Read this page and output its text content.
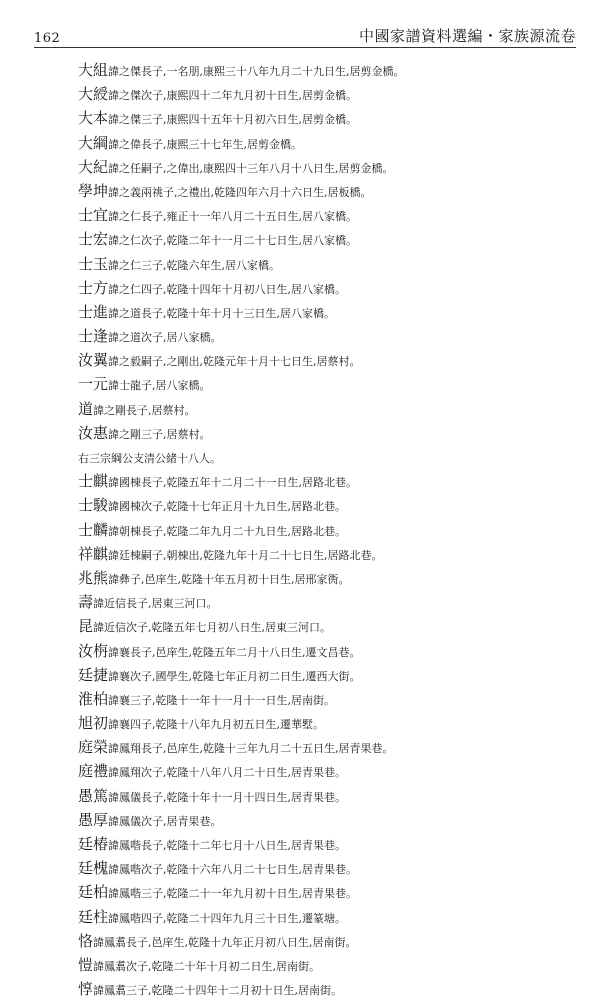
162	中國家譜資料選編・家族源流卷
大組諱之傑長子,一名朋,康熙三十八年九月二十九日生,居剪金橋。
大綬諱之傑次子,康熙四十二年九月初十日生,居剪金橋。
大本諱之傑三子,康熙四十五年十月初六日生,居剪金橋。
大綱諱之偉長子,康熙三十七年生,居剪金橋。
大紀諱之任嗣子,之偉出,康熙四十三年八月十八日生,居剪金橋。
學坤諱之義兩祧子,之禮出,乾隆四年六月十六日生,居板橋。
士宜諱之仁長子,雍正十一年八月二十五日生,居八家橋。
士宏諱之仁次子,乾隆二年十一月二十七日生,居八家橋。
士玉諱之仁三子,乾隆六年生,居八家橋。
士方諱之仁四子,乾隆十四年十月初八日生,居八家橋。
士進諱之道長子,乾隆十年十月十三日生,居八家橋。
士逢諱之道次子,居八家橋。
汝翼諱之毅嗣子,之剛出,乾隆元年十月十七日生,居蔡村。
一元諱士龍子,居八家橋。
道諱之剛長子,居蔡村。
汝惠諱之剛三子,居蔡村。
右三宗綱公支清公緒十八人。
士麒諱國棟長子,乾隆五年十二月二十一日生,居路北巷。
士駿諱國棟次子,乾隆十七年正月十九日生,居路北巷。
士麟諱朝棟長子,乾隆二年九月二十九日生,居路北巷。
祥麒諱廷棟嗣子,朝棟出,乾隆九年十月二十七日生,居路北巷。
兆熊諱彝子,邑庠生,乾隆十年五月初十日生,居邢家衖。
壽諱近信長子,居東三河口。
昆諱近信次子,乾隆五年七月初八日生,居東三河口。
汝栴諱襄長子,邑庠生,乾隆五年二月十八日生,遷文昌巷。
廷捷諱襄次子,國學生,乾隆七年正月初二日生,遷西大街。
淮柏諱襄三子,乾隆十一年十一月十一日生,居南街。
旭初諱襄四子,乾隆十八年九月初五日生,遷華墅。
庭榮諱鳳翔長子,邑庠生,乾隆十三年九月二十五日生,居青果巷。
庭禮諱鳳翔次子,乾隆十八年八月二十日生,居青果巷。
愚篤諱鳳儀長子,乾隆十年十一月十四日生,居青果巷。
愚厚諱鳳儀次子,居青果巷。
廷椿諱鳳喈長子,乾隆十二年七月十八日生,居青果巷。
廷槐諱鳳喈次子,乾隆十六年八月二十七日生,居青果巷。
廷柏諱鳳喈三子,乾隆二十一年九月初十日生,居青果巷。
廷柱諱鳳喈四子,乾隆二十四年九月三十日生,遷篆塘。
恪諱鳳翥長子,邑庠生,乾隆十九年正月初八日生,居南街。
愷諱鳳翥次子,乾隆二十年十月初二日生,居南街。
惇諱鳳翥三子,乾隆二十四年十二月初十日生,居南街。
